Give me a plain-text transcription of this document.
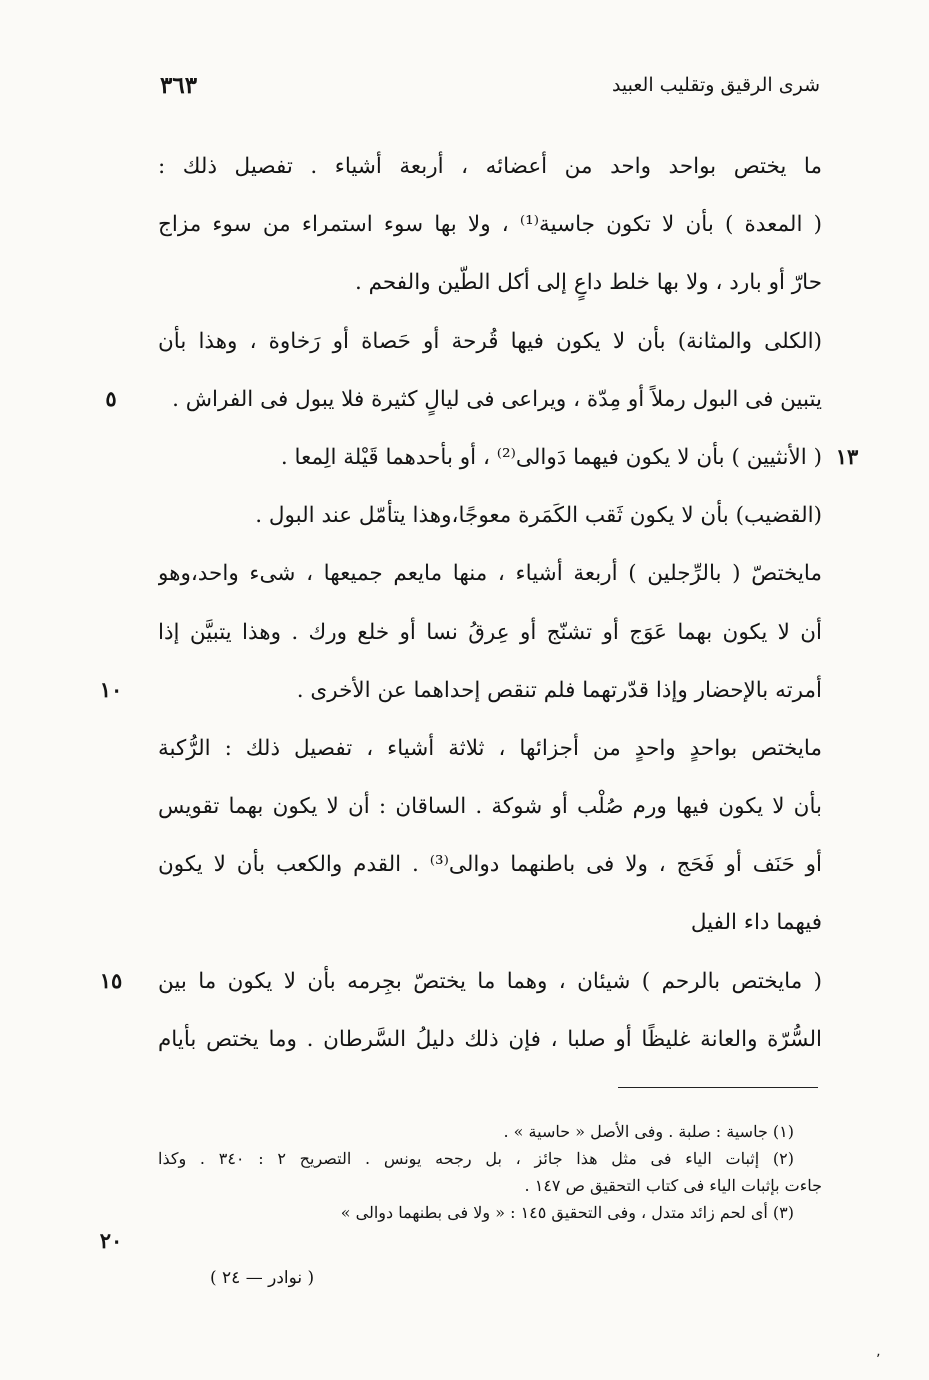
٣٦٣	شرى الرقيق وتقليب العبيد
ما يختص بواحد واحد من أعضائه ، أربعة أشياء . تفصيل ذلك :
( المعدة ) بأن لا تكون جاسية⁽¹⁾ ، ولا بها سوء استمراء من سوء مزاج
حارّ أو بارد ، ولا بها خلط داعٍ إلى أكل الطّين والفحم .
(الكلى والمثانة) بأن لا يكون فيها قُرحة أو حَصاة أو رَخاوة ، وهذا بأن
يتبين فى البول رملاً أو مِدّة ، ويراعى فى ليالٍ كثيرة فلا يبول فى الفراش .
( الأنثيين ) بأن لا يكون فيهما دَوالى⁽²⁾ ، أو بأحدهما قَيْلة الِمعا .
(القضيب) بأن لا يكون ثَقب الكَمَرة معوجًا،وهذا يتأمّل عند البول .
مايختصّ ( بالرِّجلين ) أربعة أشياء ، منها مايعم جميعها ، شىء واحد،وهو
أن لا يكون بهما عَوَج أو تشنّج أو عِرقُ نسا أو خلع ورك . وهذا يتبيَّن إذا
أمرته بالإحضار وإذا قدّرتهما فلم تنقص إحداهما عن الأخرى .
مايختص بواحدٍ واحدٍ من أجزائها ، ثلاثة أشياء ، تفصيل ذلك : الرُّكبة
بأن لا يكون فيها ورم صُلْب أو شوكة . الساقان : أن لا يكون بهما تقويس
أو حَنَف أو فَحَج ، ولا فى باطنهما دوالى⁽³⁾ . القدم والكعب بأن لا يكون
فيهما داء الفيل
( مايختص بالرحم ) شيئان ، وهما ما يختصّ بجِرمه بأن لا يكون ما بين
السُّرّة والعانة غليظًا أو صلبا ، فإن ذلك دليلُ السَّرطان . وما يختص بأيام
٥
١٣
١٠
١٥
٢٠
(١) جاسية : صلبة . وفى الأصل « حاسية » .
(٢) إثبات الياء فى مثل هذا جائز ، بل رجحه يونس . التصريح ٢ : ٣٤٠ . وكذا
جاءت بإثبات الياء فى كتاب التحقيق ص ١٤٧ .
(٣) أى لحم زائد متدل ، وفى التحقيق ١٤٥ : « ولا فى بطنهما دوالى »
( نوادر — ٢٤ )
٬
